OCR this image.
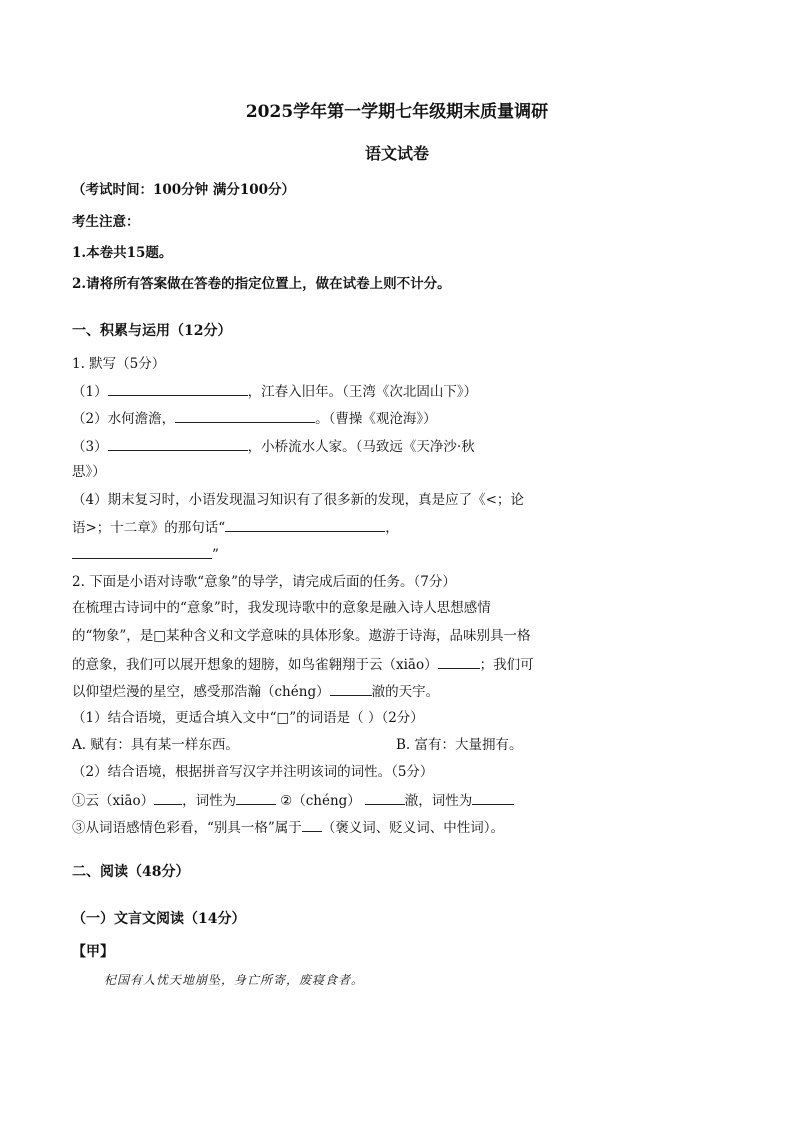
2025学年第一学期七年级期末质量调研
语文试卷
（考试时间：100分钟 满分100分）
考生注意：
1.本卷共15题。
2.请将所有答案做在答卷的指定位置上，做在试卷上则不计分。
一、积累与运用（12分）
1. 默写（5分）
（1）	，江春入旧年。（王湾《次北固山下》）
（2）水何澹澹，	。（曹操《观沧海》）
（3）	，小桥流水人家。（马致远《天净沙·秋
思》）
（4）期末复习时，小语发现温习知识有了很多新的发现，真是应了《<；论
语>；十二章》的那句话“	，
”
2. 下面是小语对诗歌“意象”的导学，请完成后面的任务。（7分）
在梳理古诗词中的“意象”时，我发现诗歌中的意象是融入诗人思想感情
的“物象”，是□某种含义和文学意味的具体形象。遨游于诗海，品味别具一格
的意象，我们可以展开想象的翅膀，如鸟雀翱翔于云（xiāo）	；我们可
以仰望烂漫的星空，感受那浩瀚（chéng）	澈的天宇。
（1）结合语境，更适合填入文中“□”的词语是（ ）（2分）
A. 赋有：具有某一样东西。	B. 富有：大量拥有。
（2）结合语境，根据拼音写汉字并注明该词的词性。（5分）
①云（xiāo） ，词性为	②（chéng）	澈，词性为
③从词语感情色彩看，“别具一格”属于 （褒义词、贬义词、中性词）。
二、阅读（48分）
（一）文言文阅读（14分）
【甲】
杞国有人忧天地崩坠，身亡所寄，废寝食者。
